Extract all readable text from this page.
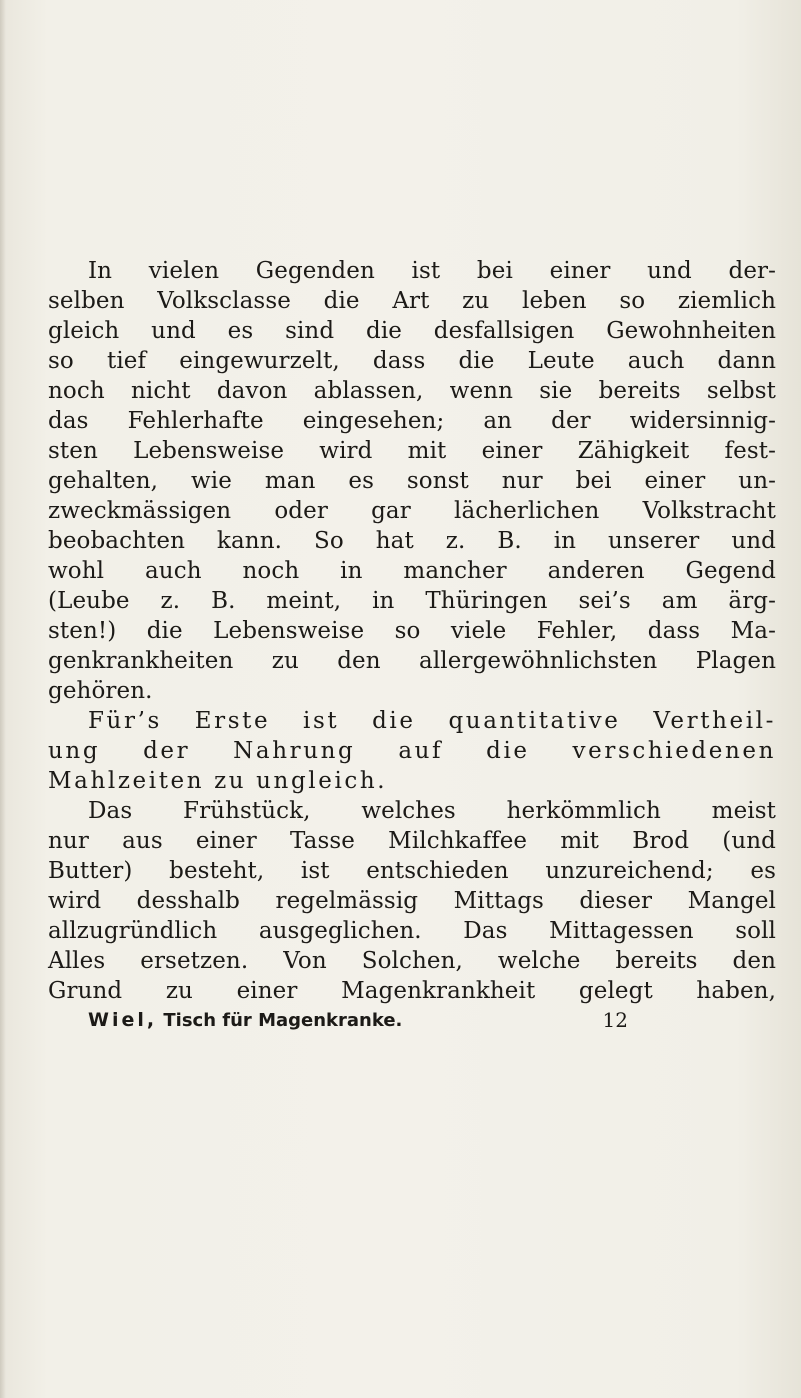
In vielen Gegenden ist bei einer und der-
selben Volksclasse die Art zu leben so ziemlich
gleich und es sind die desfallsigen Gewohnheiten
so tief eingewurzelt, dass die Leute auch dann
noch nicht davon ablassen, wenn sie bereits selbst
das Fehlerhafte eingesehen; an der widersinnig-
sten Lebensweise wird mit einer Zähigkeit fest-
gehalten, wie man es sonst nur bei einer un-
zweckmässigen oder gar lächerlichen Volkstracht
beobachten kann. So hat z. B. in unserer und
wohl auch noch in mancher anderen Gegend
(Leube z. B. meint, in Thüringen sei’s am ärg-
sten!) die Lebensweise so viele Fehler, dass Ma-
genkrankheiten zu den allergewöhnlichsten Plagen
gehören.
Für’s Erste ist die quantitative Vertheil-
ung der Nahrung auf die verschiedenen
Mahlzeiten zu ungleich.
Das Frühstück, welches herkömmlich meist
nur aus einer Tasse Milchkaffee mit Brod (und
Butter) besteht, ist entschieden unzureichend; es
wird desshalb regelmässig Mittags dieser Mangel
allzugründlich ausgeglichen. Das Mittagessen soll
Alles ersetzen. Von Solchen, welche bereits den
Grund zu einer Magenkrankheit gelegt haben,
Wiel, Tisch für Magenkranke.	12
